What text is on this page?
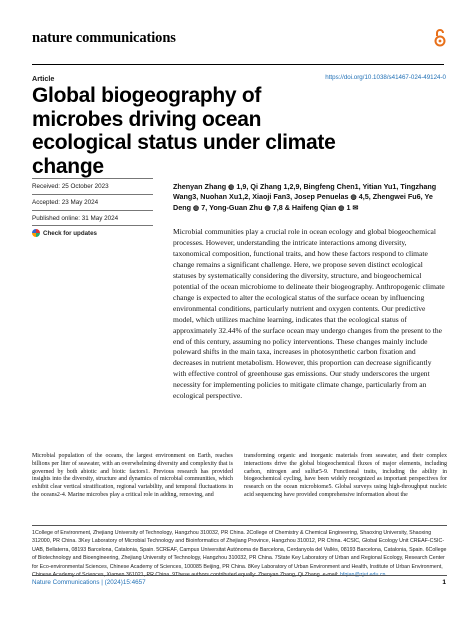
nature communications
Article	https://doi.org/10.1038/s41467-024-49124-0
Global biogeography of microbes driving ocean ecological status under climate change
Received: 25 October 2023
Accepted: 23 May 2024
Published online: 31 May 2024
Check for updates
Zhenyan Zhang ◍ 1,9, Qi Zhang 1,2,9, Bingfeng Chen1, Yitian Yu1, Tingzhang Wang3, Nuohan Xu1,2, Xiaoji Fan3, Josep Penuelas ◍ 4,5, Zhengwei Fu6, Ye Deng ◍ 7, Yong-Guan Zhu ◍ 7,8 & Haifeng Qian ◍ 1 ✉
Microbial communities play a crucial role in ocean ecology and global biogeochemical processes. However, understanding the intricate interactions among diversity, taxonomical composition, functional traits, and how these factors respond to climate change remains a significant challenge. Here, we propose seven distinct ecological statuses by systematically considering the diversity, structure, and biogeochemical potential of the ocean microbiome to delineate their biogeography. Anthropogenic climate change is expected to alter the ecological status of the surface ocean by influencing environmental conditions, particularly nutrient and oxygen contents. Our predictive model, which utilizes machine learning, indicates that the ecological status of approximately 32.44% of the surface ocean may undergo changes from the present to the end of this century, assuming no policy interventions. These changes mainly include poleward shifts in the main taxa, increases in photosynthetic carbon fixation and decreases in nutrient metabolism. However, this proportion can decrease significantly with effective control of greenhouse gas emissions. Our study underscores the urgent necessity for implementing policies to mitigate climate change, particularly from an ecological perspective.
Microbial population of the oceans, the largest environment on Earth, reaches billions per liter of seawater, with an overwhelming diversity and complexity that is governed by both abiotic and biotic factors1. Previous research has provided insights into the diversity, structure and dynamics of microbial communities, which exhibit clear vertical stratification, regional variability, and temporal fluctuations in the oceans2-4. Marine microbes play a critical role in adding, removing, and
transforming organic and inorganic materials from seawater, and their complex interactions drive the global biogeochemical fluxes of major elements, including carbon, nitrogen and sulfur5-9. Functional traits, including the ability in biogeochemical cycling, have been widely recognized as important perspectives for research on the ocean microbiome5. Global surveys using high-throughput nucleic acid sequencing have provided comprehensive information about the
1College of Environment, Zhejiang University of Technology, Hangzhou 310032, PR China. 2College of Chemistry & Chemical Engineering, Shaoxing University, Shaoxing 312000, PR China. 3Key Laboratory of Microbial Technology and Bioinformatics of Zhejiang Province, Hangzhou 310012, PR China. 4CSIC, Global Ecology Unit CREAF-CSIC-UAB, Bellaterra, 08193 Barcelona, Catalonia, Spain. 5CREAF, Campus Universitat Autònoma de Barcelona, Cerdanyola del Vallès, 08193 Barcelona, Catalonia, Spain. 6College of Biotechnology and Bioengineering, Zhejiang University of Technology, Hangzhou 310032, PR China. 7State Key Laboratory of Urban and Regional Ecology, Research Center for Eco-environmental Sciences, Chinese Academy of Sciences, 100085 Beijing, PR China. 8Key Laboratory of Urban Environment and Health, Institute of Urban Environment, Chinese Academy of Sciences, Xiamen 361021, PR China. 9These authors contributed equally: Zhenyan Zhang, Qi Zhang. e-mail: hfqian@zjut.edu.cn
Nature Communications | (2024)15:4657	1
